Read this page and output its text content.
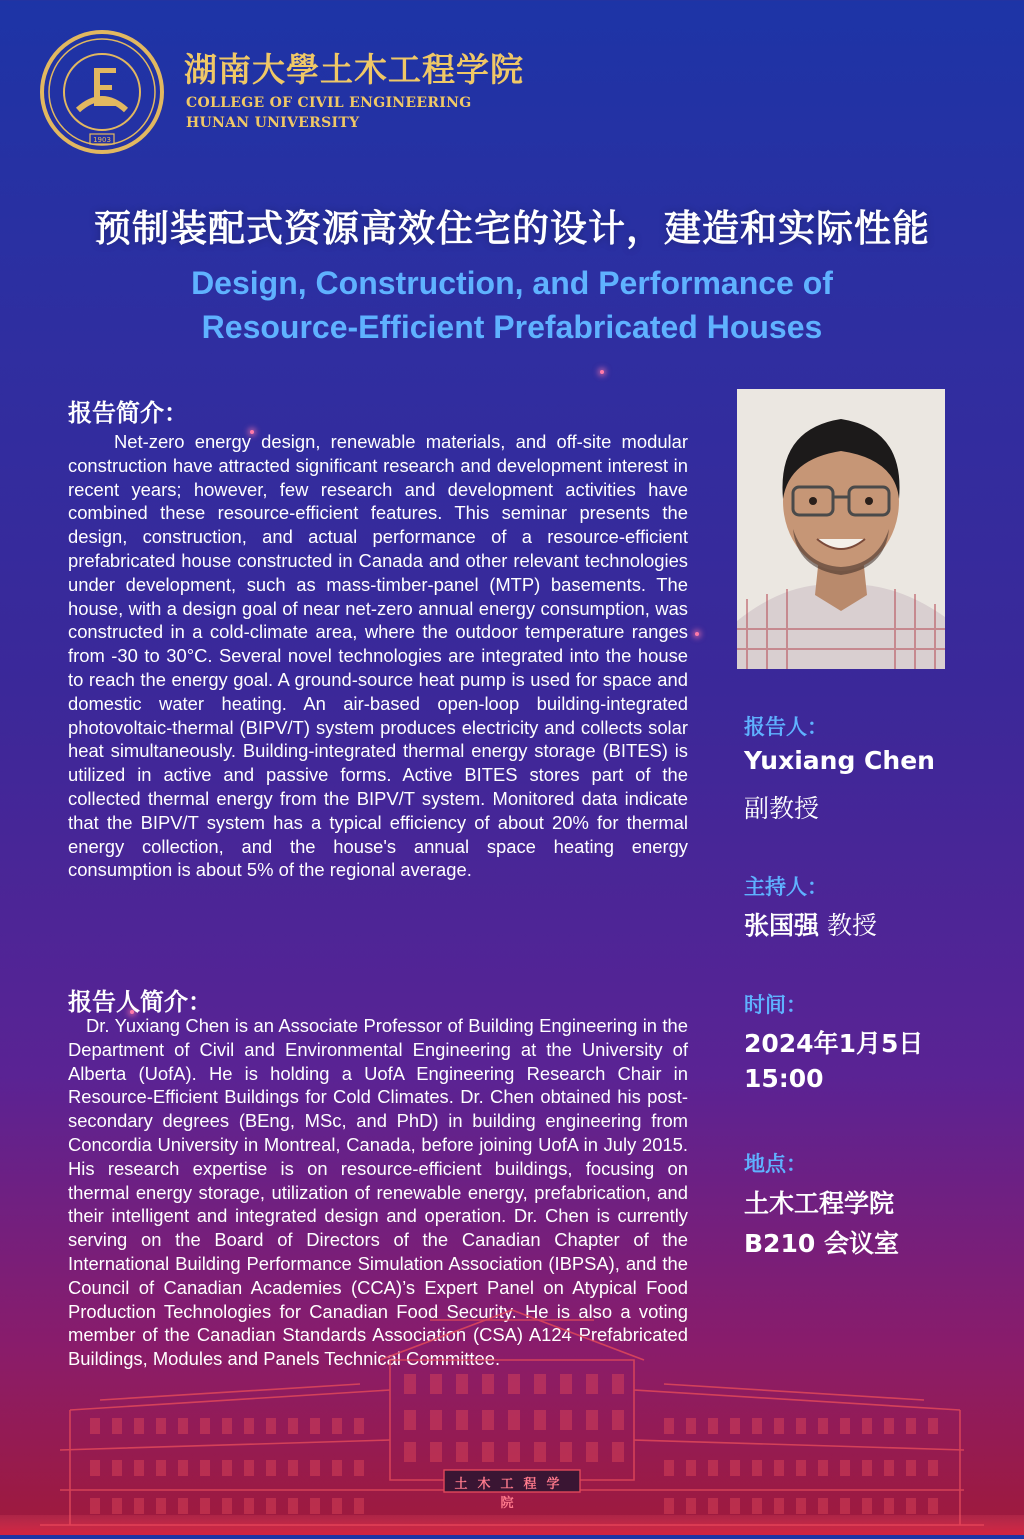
1903
湖南大學土木工程学院
COLLEGE OF CIVIL ENGINEERING
HUNAN UNIVERSITY
预制装配式资源高效住宅的设计，建造和实际性能
Design, Construction, and Performance of
Resource-Efficient Prefabricated Houses
报告简介：

Net-zero energy design, renewable materials, and off-site modular construction have attracted significant research and development interest in recent years; however, few research and development activities have combined these resource-efficient features. This seminar presents the design, construction, and actual performance of a resource-efficient prefabricated house constructed in Canada and other relevant technologies under development, such as mass-timber-panel (MTP) basements. The house, with a design goal of near net-zero annual energy consumption, was constructed in a cold-climate area, where the outdoor temperature ranges from -30 to 30°C. Several novel technologies are integrated into the house to reach the energy goal. A ground-source heat pump is used for space and domestic water heating. An air-based open-loop building-integrated photovoltaic-thermal (BIPV/T) system produces electricity and collects solar heat simultaneously. Building-integrated thermal energy storage (BITES) is utilized in active and passive forms. Active BITES stores part of the collected thermal energy from the BIPV/T system. Monitored data indicate that the BIPV/T system has a typical efficiency of about 20% for thermal energy collection, and the house's annual space heating energy consumption is about 5% of the regional average.

报告人简介：

Dr. Yuxiang Chen is an Associate Professor of Building Engineering in the Department of Civil and Environmental Engineering at the University of Alberta (UofA). He is holding a UofA Engineering Research Chair in Resource-Efficient Buildings for Cold Climates. Dr. Chen obtained his post-secondary degrees (BEng, MSc, and PhD) in building engineering from Concordia University in Montreal, Canada, before joining UofA in July 2015. His research expertise is on resource-efficient buildings, focusing on thermal energy storage, utilization of renewable energy, prefabrication, and their intelligent and integrated design and operation. Dr. Chen is currently serving on the Board of Directors of the Canadian Chapter of the International Building Performance Simulation Association (IBPSA), and the Council of Canadian Academies (CCA)’s Expert Panel on Atypical Food Production Technologies for Canadian Food Security. He is also a voting member of the Canadian Standards Association (CSA) A124 Prefabricated Buildings, Modules and Panels Technical Committee.

报告人：
Yuxiang Chen
副教授
主持人：
张国强 教授
时间：
2024年1月5日
15:00
地点：
土木工程学院
B210 会议室
土木工程学院
